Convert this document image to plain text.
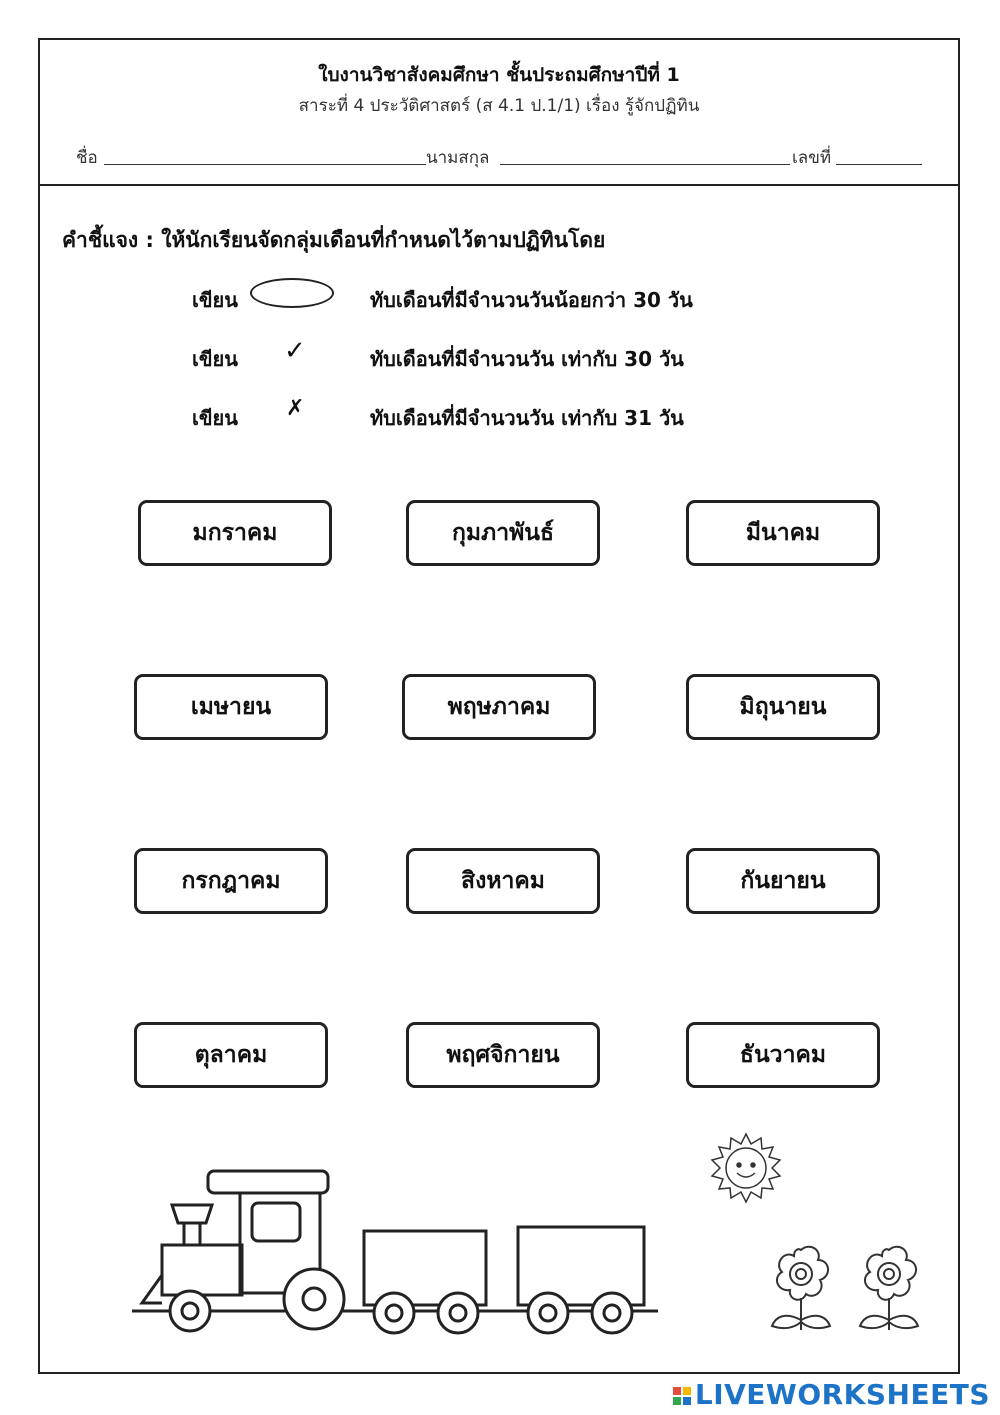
ใบงานวิชาสังคมศึกษา ชั้นประถมศึกษาปีที่ 1
สาระที่ 4 ประวัติศาสตร์ (ส 4.1 ป.1/1) เรื่อง รู้จักปฏิทิน
ชื่อ	นามสกุล	เลขที่
คำชี้แจง : ให้นักเรียนจัดกลุ่มเดือนที่กำหนดไว้ตามปฏิทินโดย
เขียน	ทับเดือนที่มีจำนวนวันน้อยกว่า 30 วัน
เขียน ✓	ทับเดือนที่มีจำนวนวัน เท่ากับ 30 วัน
เขียน ✗	ทับเดือนที่มีจำนวนวัน เท่ากับ 31 วัน
มกราคม	กุมภาพันธ์	มีนาคม
เมษายน	พฤษภาคม	มิถุนายน
กรกฎาคม	สิงหาคม	กันยายน
ตุลาคม	พฤศจิกายน	ธันวาคม
LIVEWORKSHEETS
